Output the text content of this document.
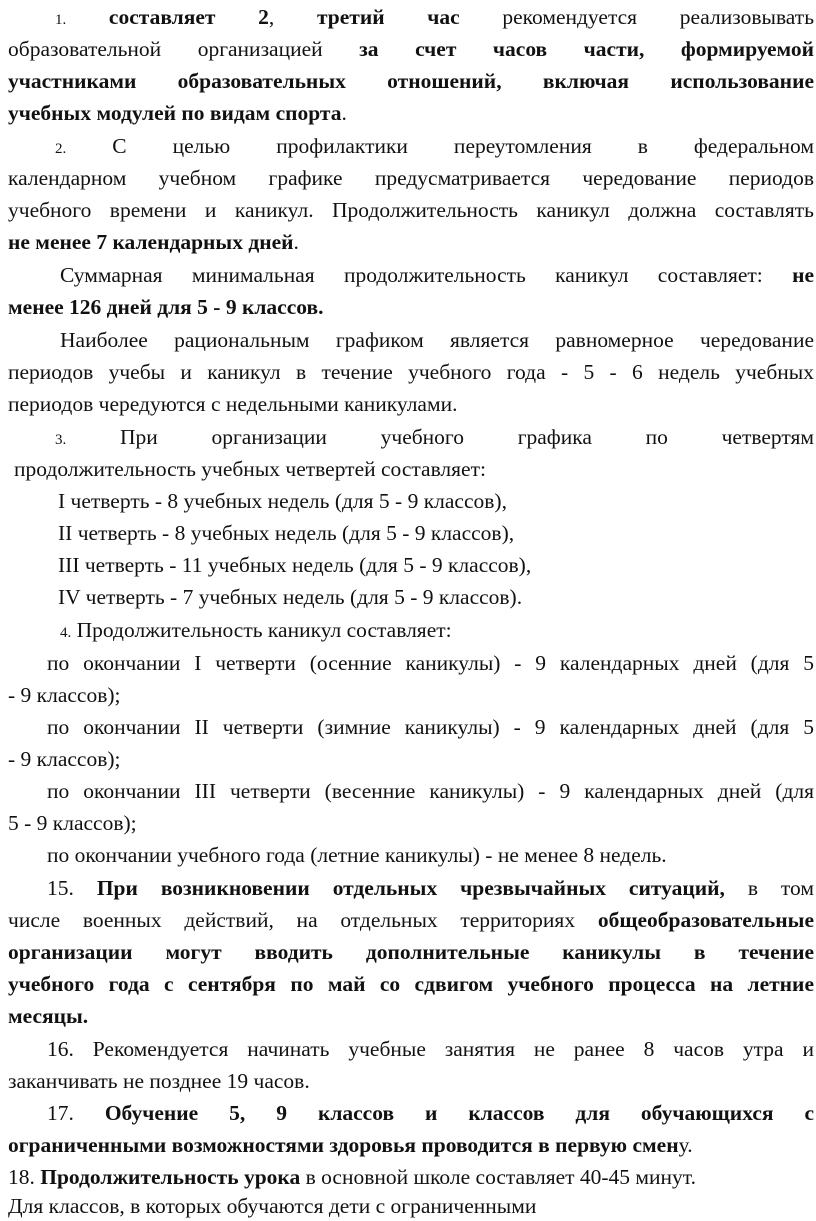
1. составляет 2, третий час рекомендуется реализовывать
образовательной организацией за счет часов части, формируемой
участниками образовательных отношений, включая использование
учебных модулей по видам спорта.
2. С целью профилактики переутомления в федеральном
календарном учебном графике предусматривается чередование периодов
учебного времени и каникул. Продолжительность каникул должна составлять
не менее 7 календарных дней.
Суммарная минимальная продолжительность каникул составляет: не
менее 126 дней для 5 - 9 классов.
Наиболее рациональным графиком является равномерное чередование
периодов учебы и каникул в течение учебного года - 5 - 6 недель учебных
периодов чередуются с недельными каникулами.
3. При организации учебного графика по четвертям
продолжительность учебных четвертей составляет:
I четверть - 8 учебных недель (для 5 - 9 классов),
II четверть - 8 учебных недель (для 5 - 9 классов),
III четверть - 11 учебных недель (для 5 - 9 классов),
IV четверть - 7 учебных недель (для 5 - 9 классов).
4. Продолжительность каникул составляет:
по окончании I четверти (осенние каникулы) - 9 календарных дней (для 5
- 9 классов);
по окончании II четверти (зимние каникулы) - 9 календарных дней (для 5
- 9 классов);
по окончании III четверти (весенние каникулы) - 9 календарных дней (для
5 - 9 классов);
по окончании учебного года (летние каникулы) - не менее 8 недель.
15. При возникновении отдельных чрезвычайных ситуаций, в том
числе военных действий, на отдельных территориях общеобразовательные
организации могут вводить дополнительные каникулы в течение
учебного года с сентября по май со сдвигом учебного процесса на летние
месяцы.
16. Рекомендуется начинать учебные занятия не ранее 8 часов утра и
заканчивать не позднее 19 часов.
17. Обучение 5, 9 классов и классов для обучающихся с
ограниченными возможностями здоровья проводится в первую смену.
18. Продолжительность урока в основной школе составляет 40-45 минут.
Для классов, в которых обучаются дети с ограниченными
